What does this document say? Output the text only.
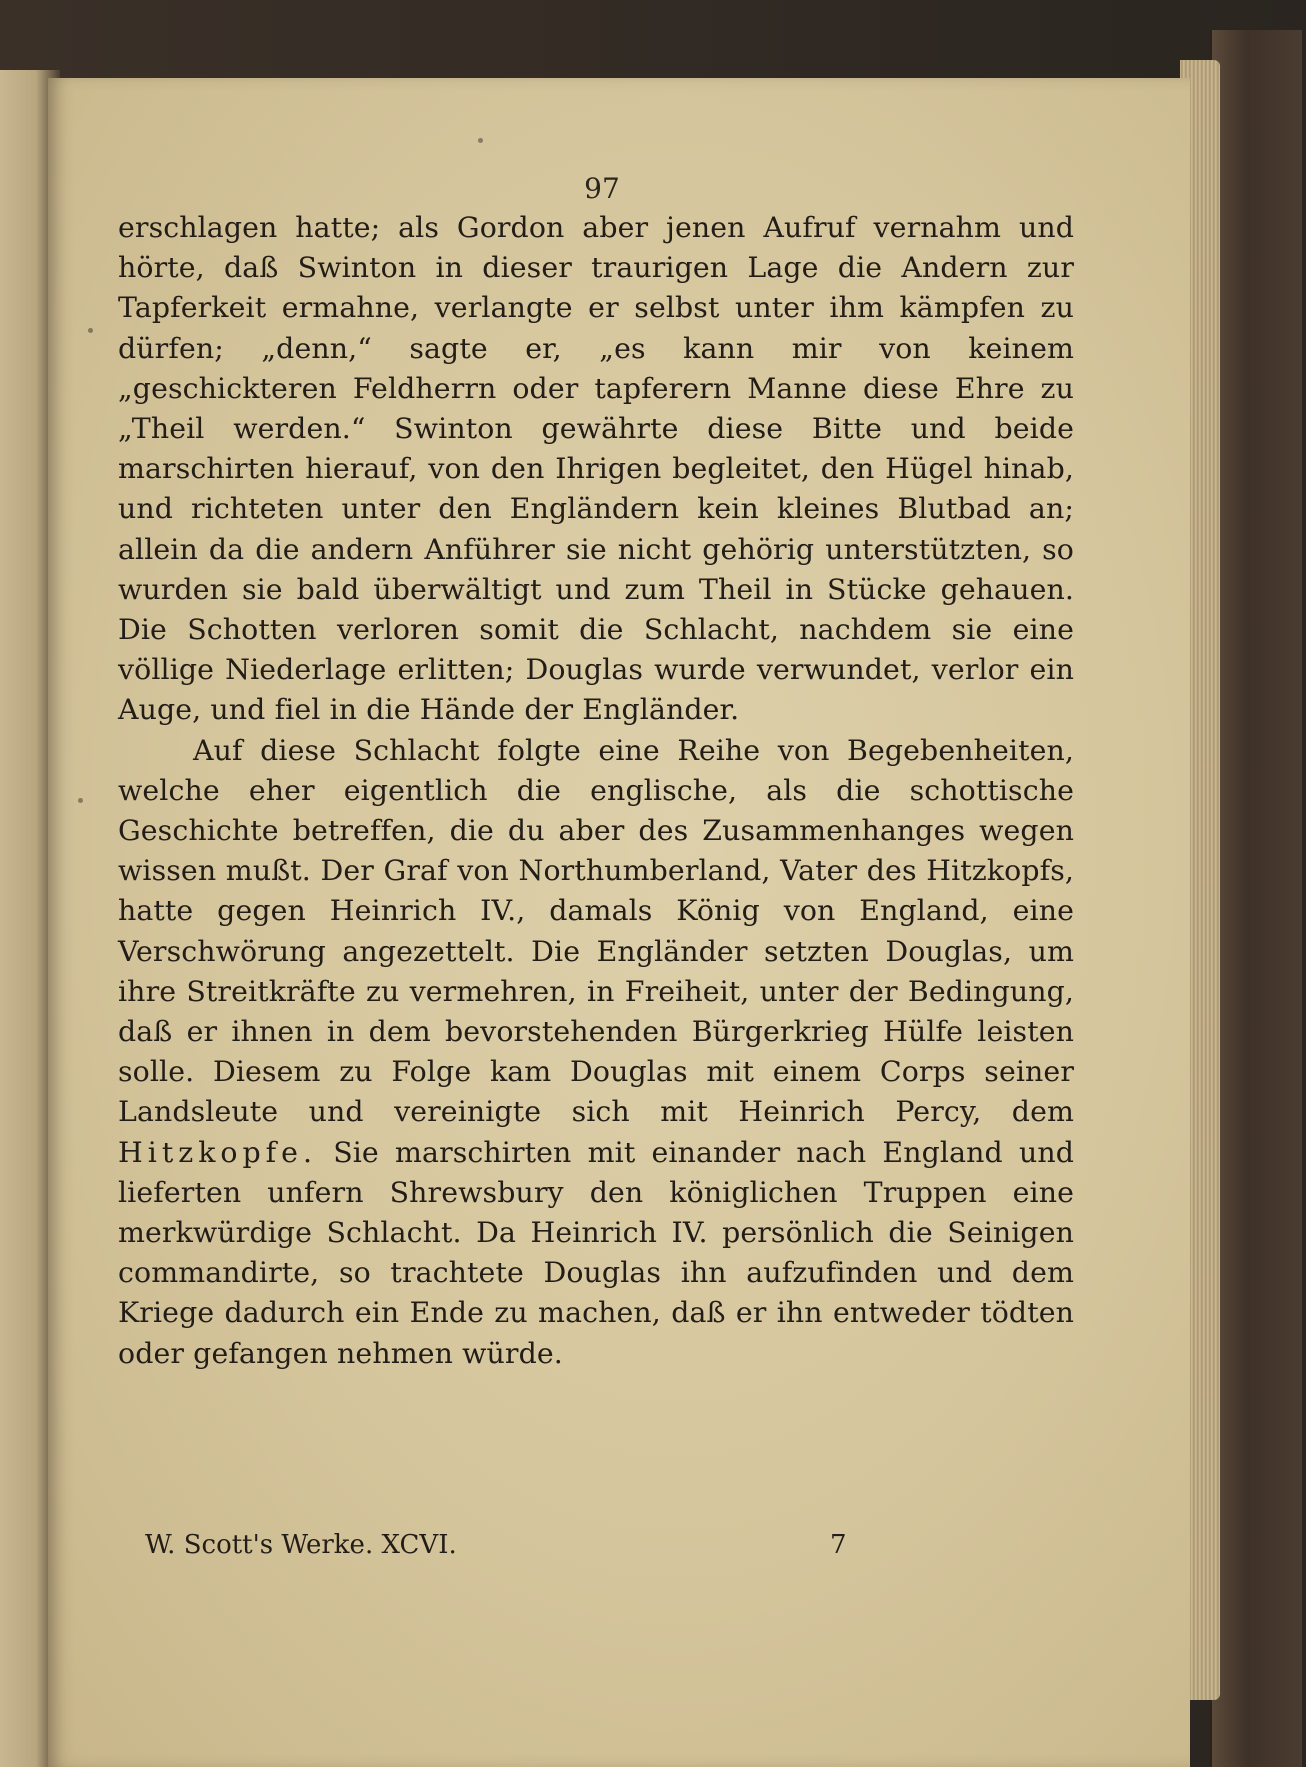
97

erschlagen hatte; als Gordon aber jenen Aufruf vernahm und hörte, daß Swinton in dieser traurigen Lage die Andern zur Tapferkeit ermahne, verlangte er selbst unter ihm kämpfen zu dürfen; „denn,“ sagte er, „es kann mir von keinem „geschickteren Feldherrn oder tapferern Manne diese Ehre zu „Theil werden.“ Swinton gewährte diese Bitte und beide marschirten hierauf, von den Ihrigen begleitet, den Hügel hinab, und richteten unter den Engländern kein kleines Blutbad an; allein da die andern Anführer sie nicht gehörig unterstützten, so wurden sie bald überwältigt und zum Theil in Stücke gehauen. Die Schotten verloren somit die Schlacht, nachdem sie eine völlige Niederlage erlitten; Douglas wurde verwundet, verlor ein Auge, und fiel in die Hände der Engländer.

Auf diese Schlacht folgte eine Reihe von Begebenheiten, welche eher eigentlich die englische, als die schottische Geschichte betreffen, die du aber des Zusammenhanges wegen wissen mußt. Der Graf von Northumberland, Vater des Hitzkopfs, hatte gegen Heinrich IV., damals König von England, eine Verschwörung angezettelt. Die Engländer setzten Douglas, um ihre Streitkräfte zu vermehren, in Freiheit, unter der Bedingung, daß er ihnen in dem bevorstehenden Bürgerkrieg Hülfe leisten solle. Diesem zu Folge kam Douglas mit einem Corps seiner Landsleute und vereinigte sich mit Heinrich Percy, dem Hitzkopfe. Sie marschirten mit einander nach England und lieferten unfern Shrewsbury den königlichen Truppen eine merkwürdige Schlacht. Da Heinrich IV. persönlich die Seinigen commandirte, so trachtete Douglas ihn aufzufinden und dem Kriege dadurch ein Ende zu machen, daß er ihn entweder tödten oder gefangen nehmen würde.

W. Scott's Werke. XCVI.	7
